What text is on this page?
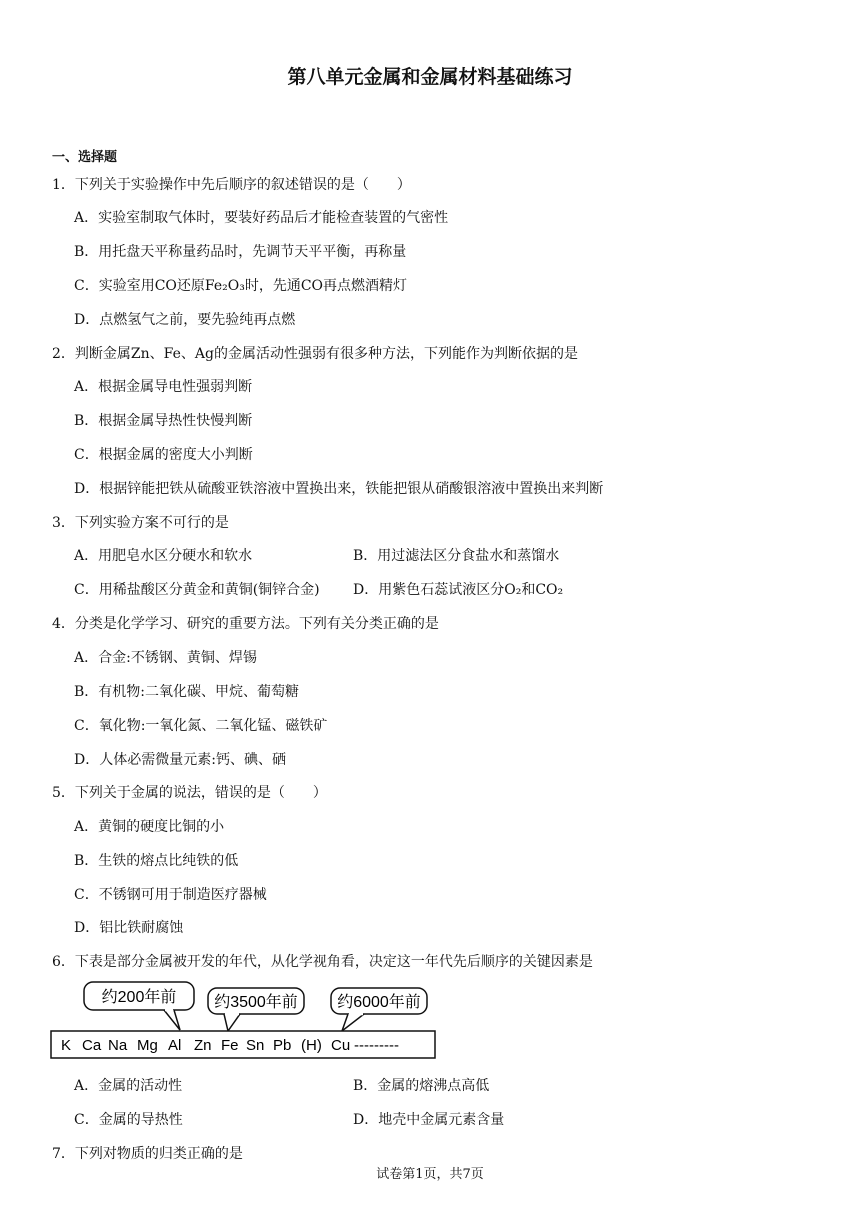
第八单元金属和金属材料基础练习
一、选择题
1．下列关于实验操作中先后顺序的叙述错误的是（　　）
A．实验室制取气体时，要装好药品后才能检查装置的气密性
B．用托盘天平称量药品时，先调节天平平衡，再称量
C．实验室用CO还原Fe₂O₃时，先通CO再点燃酒精灯
D．点燃氢气之前，要先验纯再点燃
2．判断金属Zn、Fe、Ag的金属活动性强弱有很多种方法，下列能作为判断依据的是
A．根据金属导电性强弱判断
B．根据金属导热性快慢判断
C．根据金属的密度大小判断
D．根据锌能把铁从硫酸亚铁溶液中置换出来，铁能把银从硝酸银溶液中置换出来判断
3．下列实验方案不可行的是
A．用肥皂水区分硬水和软水	B．用过滤法区分食盐水和蒸馏水
C．用稀盐酸区分黄金和黄铜(铜锌合金) D．用紫色石蕊试液区分O₂和CO₂
4．分类是化学学习、研究的重要方法。下列有关分类正确的是
A．合金:不锈钢、黄铜、焊锡
B．有机物:二氧化碳、甲烷、葡萄糖
C．氧化物:一氧化氮、二氧化锰、磁铁矿
D．人体必需微量元素:钙、碘、硒
5．下列关于金属的说法，错误的是（　　）
A．黄铜的硬度比铜的小
B．生铁的熔点比纯铁的低
C．不锈钢可用于制造医疗器械
D．铝比铁耐腐蚀
6．下表是部分金属被开发的年代，从化学视角看，决定这一年代先后顺序的关键因素是
约200年前 约3500年前 约6000年前
K Ca Na Mg Al Zn Fe Sn Pb (H) Cu ---------
A．金属的活动性	B．金属的熔沸点高低
C．金属的导热性	D．地壳中金属元素含量
7．下列对物质的归类正确的是
试卷第1页，共7页
